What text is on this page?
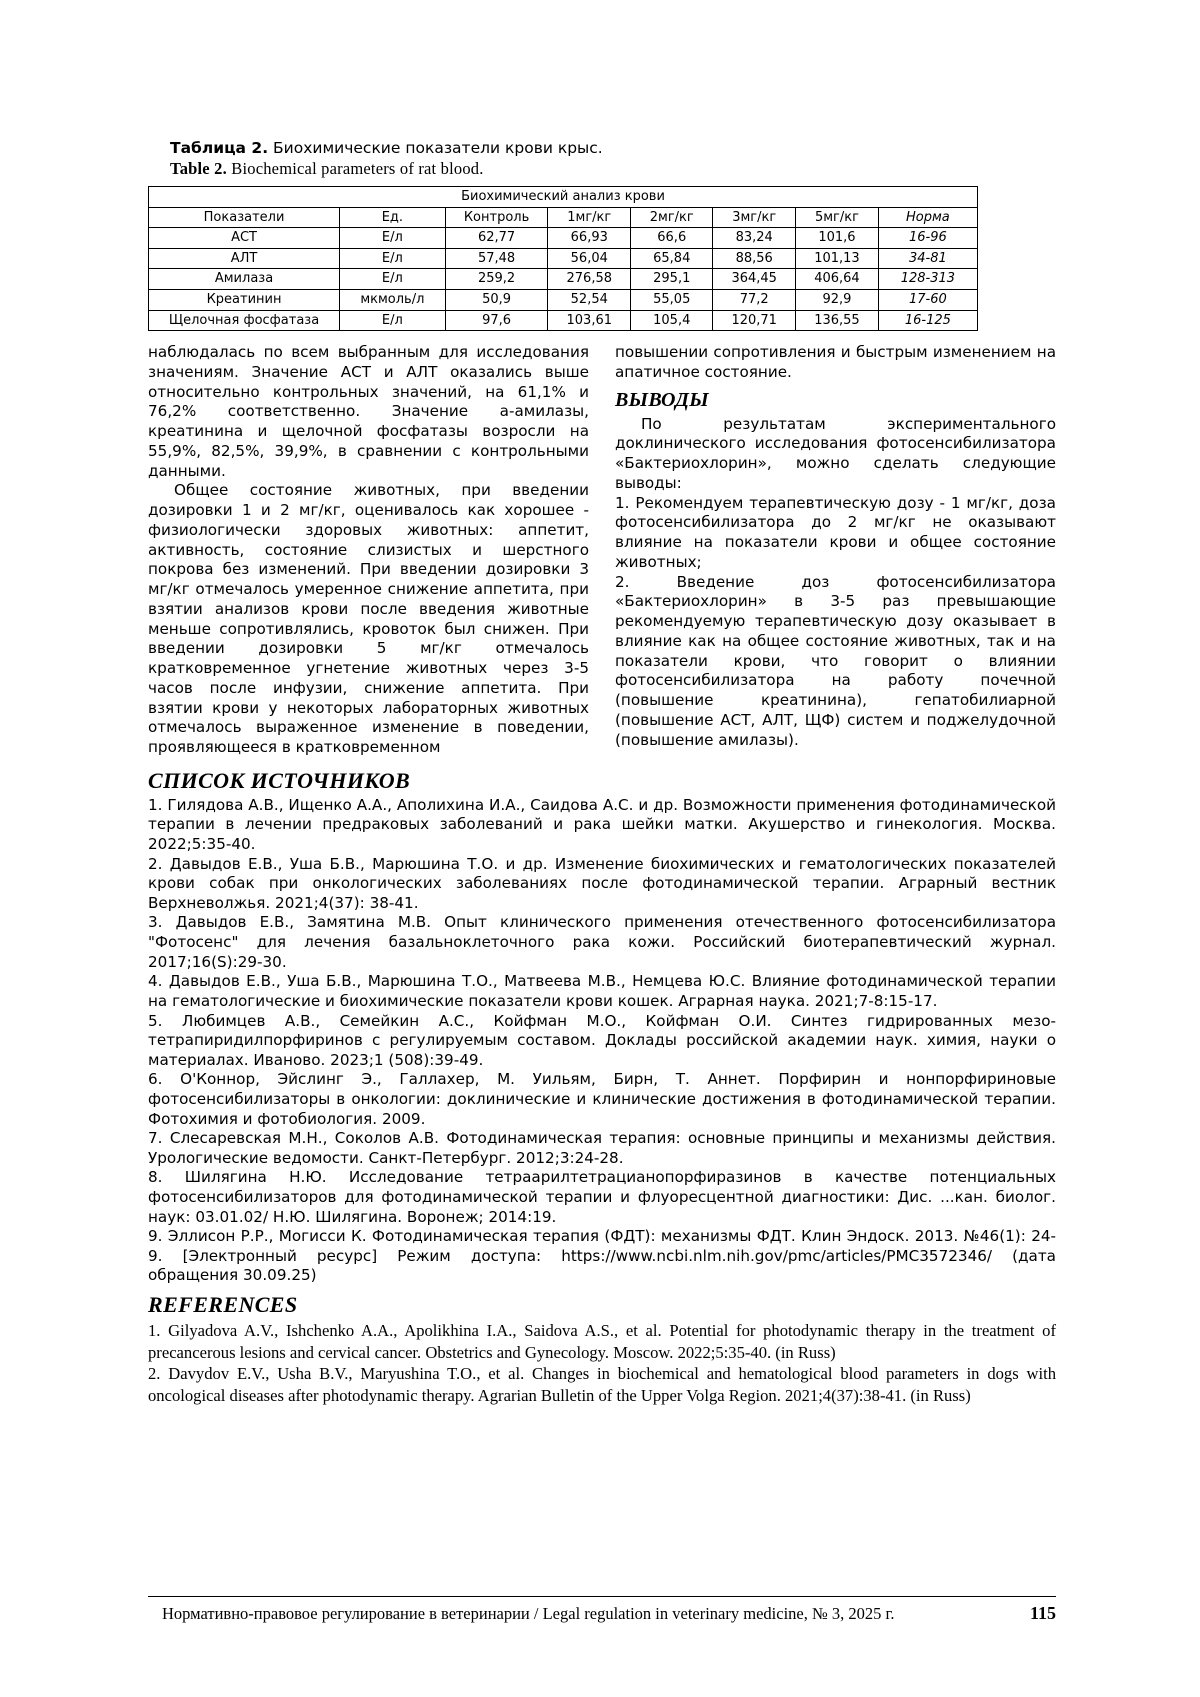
Таблица 2. Биохимические показатели крови крыс.
Table 2. Biochemical parameters of rat blood.
Биохимический анализ крови							
Показатели	Ед.	Контроль	1мг/кг	2мг/кг	3мг/кг	5мг/кг	Норма
АСТ	Е/л	62,77	66,93	66,6	83,24	101,6	16-96
АЛТ	Е/л	57,48	56,04	65,84	88,56	101,13	34-81
Амилаза	Е/л	259,2	276,58	295,1	364,45	406,64	128-313
Креатинин	мкмоль/л	50,9	52,54	55,05	77,2	92,9	17-60
Щелочная фосфатаза	Е/л	97,6	103,61	105,4	120,71	136,55	16-125

наблюдалась по всем выбранным для исследования значениям. Значение АСТ и АЛТ оказались выше относительно контрольных значений, на 61,1% и 76,2% соответственно. Значение а-амилазы, креатинина и щелочной фосфатазы возросли на 55,9%, 82,5%, 39,9%, в сравнении с контрольными данными.

Общее состояние животных, при введении дозировки 1 и 2 мг/кг, оценивалось как хорошее - физиологически здоровых животных: аппетит, активность, состояние слизистых и шерстного покрова без изменений. При введении дозировки 3 мг/кг отмечалось умеренное снижение аппетита, при взятии анализов крови после введения животные меньше сопротивлялись, кровоток был снижен. При введении дозировки 5 мг/кг отмечалось кратковременное угнетение животных через 3-5 часов после инфузии, снижение аппетита. При взятии крови у некоторых лабораторных животных отмечалось выраженное изменение в поведении, проявляющееся в кратковременном

повышении сопротивления и быстрым изменением на апатичное состояние.

ВЫВОДЫ

По результатам экспериментального доклинического исследования фотосенсибилизатора «Бактериохлорин», можно сделать следующие выводы:

1. Рекомендуем терапевтическую дозу - 1 мг/кг, доза фотосенсибилизатора до 2 мг/кг не оказывают влияние на показатели крови и общее состояние животных;

2. Введение доз фотосенсибилизатора «Бактериохлорин» в 3-5 раз превышающие рекомендуемую терапевтическую дозу оказывает в влияние как на общее состояние животных, так и на показатели крови, что говорит о влиянии фотосенсибилизатора на работу почечной (повышение креатинина), гепатобилиарной (повышение АСТ, АЛТ, ЩФ) систем и поджелудочной (повышение амилазы).

СПИСОК ИСТОЧНИКОВ

1. Гилядова А.В., Ищенко А.А., Аполихина И.А., Саидова А.С. и др. Возможности применения фотодинамической терапии в лечении предраковых заболеваний и рака шейки матки. Акушерство и гинекология. Москва. 2022;5:35-40.

2. Давыдов Е.В., Уша Б.В., Марюшина Т.О. и др. Изменение биохимических и гематологических показателей крови собак при онкологических заболеваниях после фотодинамической терапии. Аграрный вестник Верхневолжья. 2021;4(37): 38-41.

3. Давыдов Е.В., Замятина М.В. Опыт клинического применения отечественного фотосенсибилизатора "Фотосенс" для лечения базальноклеточного рака кожи. Российский биотерапевтический журнал. 2017;16(S):29-30.

4. Давыдов Е.В., Уша Б.В., Марюшина Т.О., Матвеева М.В., Немцева Ю.С. Влияние фотодинамической терапии на гематологические и биохимические показатели крови кошек. Аграрная наука. 2021;7-8:15-17.

5. Любимцев А.В., Семейкин А.С., Койфман М.О., Койфман О.И. Синтез гидрированных мезо-тетрапиридилпорфиринов с регулируемым составом. Доклады российской академии наук. химия, науки о материалах. Иваново. 2023;1 (508):39-49.

6. О'Коннор, Эйслинг Э., Галлахер, М. Уильям, Бирн, Т. Аннет. Порфирин и нонпорфириновые фотосенсибилизаторы в онкологии: доклинические и клинические достижения в фотодинамической терапии. Фотохимия и фотобиология. 2009.

7. Слесаревская М.Н., Соколов А.В. Фотодинамическая терапия: основные принципы и механизмы действия. Урологические ведомости. Санкт-Петербург. 2012;3:24-28.

8. Шилягина Н.Ю. Исследование тетраарилтетрацианопорфиразинов в качестве потенциальных фотосенсибилизаторов для фотодинамической терапии и флуоресцентной диагностики: Дис. ...кан. биолог. наук: 03.01.02/ Н.Ю. Шилягина. Воронеж; 2014:19.

9. Эллисон Р.Р., Могисси К. Фотодинамическая терапия (ФДТ): механизмы ФДТ. Клин Эндоск. 2013. №46(1): 24-9. [Электронный ресурс] Режим доступа: https://www.ncbi.nlm.nih.gov/pmc/articles/PMC3572346/ (дата обращения 30.09.25)

REFERENCES

1. Gilyadova A.V., Ishchenko A.A., Apolikhina I.A., Saidova A.S., et al. Potential for photodynamic therapy in the treatment of precancerous lesions and cervical cancer. Obstetrics and Gynecology. Moscow. 2022;5:35-40. (in Russ)

2. Davydov E.V., Usha B.V., Maryushina T.O., et al. Changes in biochemical and hematological blood parameters in dogs with oncological diseases after photodynamic therapy. Agrarian Bulletin of the Upper Volga Region. 2021;4(37):38-41. (in Russ)

Нормативно-правовое регулирование в ветеринарии / Legal regulation in veterinary medicine, № 3, 2025 г.	115
